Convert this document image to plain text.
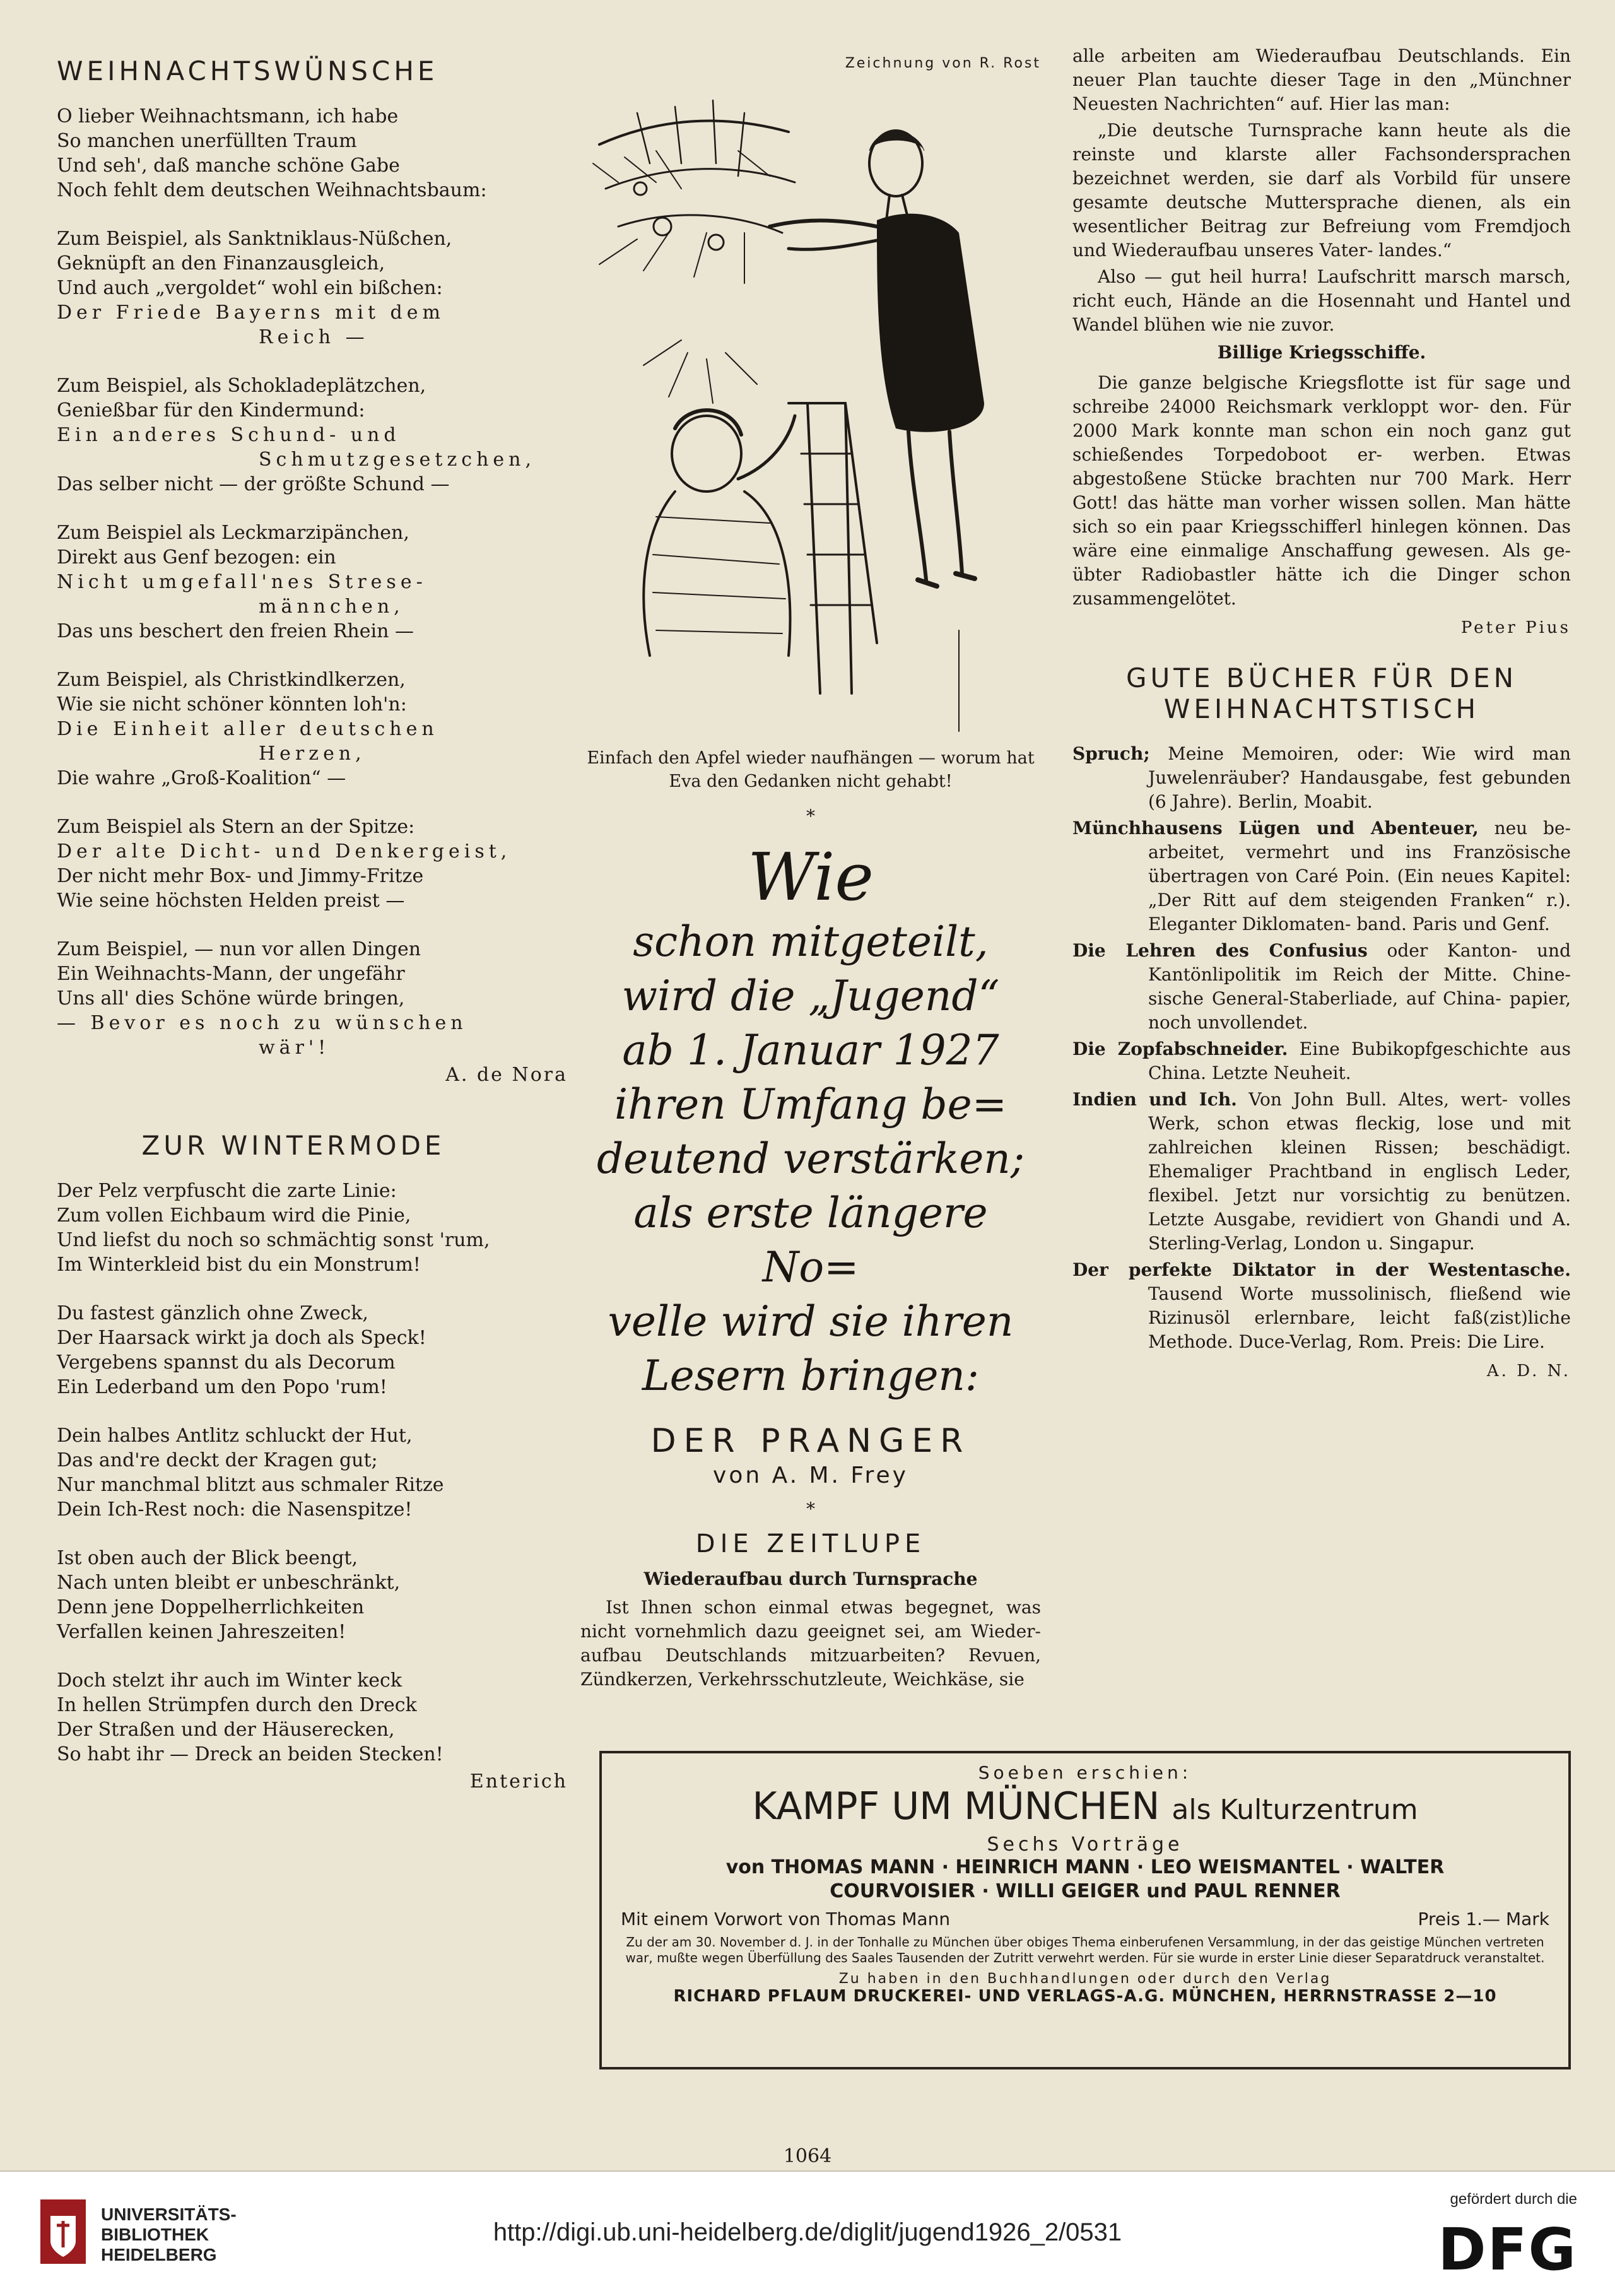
WEIHNACHTSWÜNSCHE
O lieber Weihnachtsmann, ich habe
So manchen unerfüllten Traum
Und seh', daß manche schöne Gabe
Noch fehlt dem deutschen Weihnachtsbaum:
Zum Beispiel, als Sanktniklaus-Nüßchen,
Geknüpft an den Finanzausgleich,
Und auch „vergoldet“ wohl ein bißchen:
Der Friede Bayerns mit dem
Reich —
Zum Beispiel, als Schokladeplätzchen,
Genießbar für den Kindermund:
Ein anderes Schund- und
Schmutzgesetzchen,
Das selber nicht — der größte Schund —
Zum Beispiel als Leckmarzipänchen,
Direkt aus Genf bezogen: ein
Nicht umgefall'nes Strese-
männchen,
Das uns beschert den freien Rhein —
Zum Beispiel, als Christkindlkerzen,
Wie sie nicht schöner könnten loh'n:
Die Einheit aller deutschen
Herzen,
Die wahre „Groß-Koalition“ —
Zum Beispiel als Stern an der Spitze:
Der alte Dicht- und Denkergeist,
Der nicht mehr Box- und Jimmy-Fritze
Wie seine höchsten Helden preist —
Zum Beispiel, — nun vor allen Dingen
Ein Weihnachts-Mann, der ungefähr
Uns all' dies Schöne würde bringen,
— Bevor es noch zu wünschen
wär'!
A. de Nora
ZUR WINTERMODE
Der Pelz verpfuscht die zarte Linie:
Zum vollen Eichbaum wird die Pinie,
Und liefst du noch so schmächtig sonst 'rum,
Im Winterkleid bist du ein Monstrum!
Du fastest gänzlich ohne Zweck,
Der Haarsack wirkt ja doch als Speck!
Vergebens spannst du als Decorum
Ein Lederband um den Popo 'rum!
Dein halbes Antlitz schluckt der Hut,
Das and're deckt der Kragen gut;
Nur manchmal blitzt aus schmaler Ritze
Dein Ich-Rest noch: die Nasenspitze!
Ist oben auch der Blick beengt,
Nach unten bleibt er unbeschränkt,
Denn jene Doppelherrlichkeiten
Verfallen keinen Jahreszeiten!
Doch stelzt ihr auch im Winter keck
In hellen Strümpfen durch den Dreck
Der Straßen und der Häuserecken,
So habt ihr — Dreck an beiden Stecken!
Enterich
Zeichnung von R. Rost
Einfach den Apfel wieder naufhängen — worum hat Eva den Gedanken nicht gehabt!
*
Wie
schon mitgeteilt,
wird die „Jugend“
ab 1. Januar 1927
ihren Umfang be=
deutend verstärken;
als erste längere No=
velle wird sie ihren
Lesern bringen:
DER PRANGER
von A. M. Frey
*
DIE ZEITLUPE
Wiederaufbau durch Turnsprache

Ist Ihnen schon einmal etwas begegnet, was nicht vornehmlich dazu geeignet sei, am Wieder- aufbau Deutschlands mitzuarbeiten? Revuen, Zündkerzen, Verkehrsschutzleute, Weichkäse, sie

alle arbeiten am Wiederaufbau Deutschlands. Ein neuer Plan tauchte dieser Tage in den „Münchner Neuesten Nachrichten“ auf. Hier las man:

„Die deutsche Turnsprache kann heute als die reinste und klarste aller Fachsondersprachen bezeichnet werden, sie darf als Vorbild für unsere gesamte deutsche Muttersprache dienen, als ein wesentlicher Beitrag zur Befreiung vom Fremdjoch und Wiederaufbau unseres Vater- landes.“

Also — gut heil hurra! Laufschritt marsch marsch, richt euch, Hände an die Hosennaht und Hantel und Wandel blühen wie nie zuvor.

Billige Kriegsschiffe.

Die ganze belgische Kriegsflotte ist für sage und schreibe 24000 Reichsmark verkloppt wor- den. Für 2000 Mark konnte man schon ein noch ganz gut schießendes Torpedoboot er- werben. Etwas abgestoßene Stücke brachten nur 700 Mark. Herr Gott! das hätte man vorher wissen sollen. Man hätte sich so ein paar Kriegsschifferl hinlegen können. Das wäre eine einmalige Anschaffung gewesen. Als ge- übter Radiobastler hätte ich die Dinger schon zusammengelötet.

Peter Pius
GUTE BÜCHER FÜR DEN
WEIHNACHTSTISCH
Spruch; Meine Memoiren, oder: Wie wird man Juwelenräuber? Handausgabe, fest gebunden (6 Jahre). Berlin, Moabit.
Münchhausens Lügen und Abenteuer, neu be- arbeitet, vermehrt und ins Französische übertragen von Caré Poin. (Ein neues Kapitel: „Der Ritt auf dem steigenden Franken“ r.). Eleganter Diklomaten- band. Paris und Genf.
Die Lehren des Confusius oder Kanton- und Kantönlipolitik im Reich der Mitte. Chine- sische General-Staberliade, auf China- papier, noch unvollendet.
Die Zopfabschneider. Eine Bubikopfgeschichte aus China. Letzte Neuheit.
Indien und Ich. Von John Bull. Altes, wert- volles Werk, schon etwas fleckig, lose und mit zahlreichen kleinen Rissen; beschädigt. Ehemaliger Prachtband in englisch Leder, flexibel. Jetzt nur vorsichtig zu benützen. Letzte Ausgabe, revidiert von Ghandi und A. Sterling-Verlag, London u. Singapur.
Der perfekte Diktator in der Westentasche. Tausend Worte mussolinisch, fließend wie Rizinusöl erlernbare, leicht faß(zist)liche Methode. Duce-Verlag, Rom. Preis: Die Lire.
A. D. N.
Soeben erschien:
KAMPF UM MÜNCHEN als Kulturzentrum
Sechs Vorträge
von THOMAS MANN · HEINRICH MANN · LEO WEISMANTEL · WALTER
COURVOISIER · WILLI GEIGER und PAUL RENNER
Mit einem Vorwort von Thomas Mann	Preis 1.— Mark
Zu der am 30. November d. J. in der Tonhalle zu München über obiges Thema einberufenen Versammlung, in der das geistige München vertreten war, mußte wegen Überfüllung des Saales Tausenden der Zutritt verwehrt werden. Für sie wurde in erster Linie dieser Separatdruck veranstaltet.
Zu haben in den Buchhandlungen oder durch den Verlag
RICHARD PFLAUM DRUCKEREI- UND VERLAGS-A.G. MÜNCHEN, HERRNSTRASSE 2—10
1064
UNIVERSITÄTS-
BIBLIOTHEK
HEIDELBERG
http://digi.ub.uni-heidelberg.de/diglit/jugend1926_2/0531
gefördert durch die
DFG
